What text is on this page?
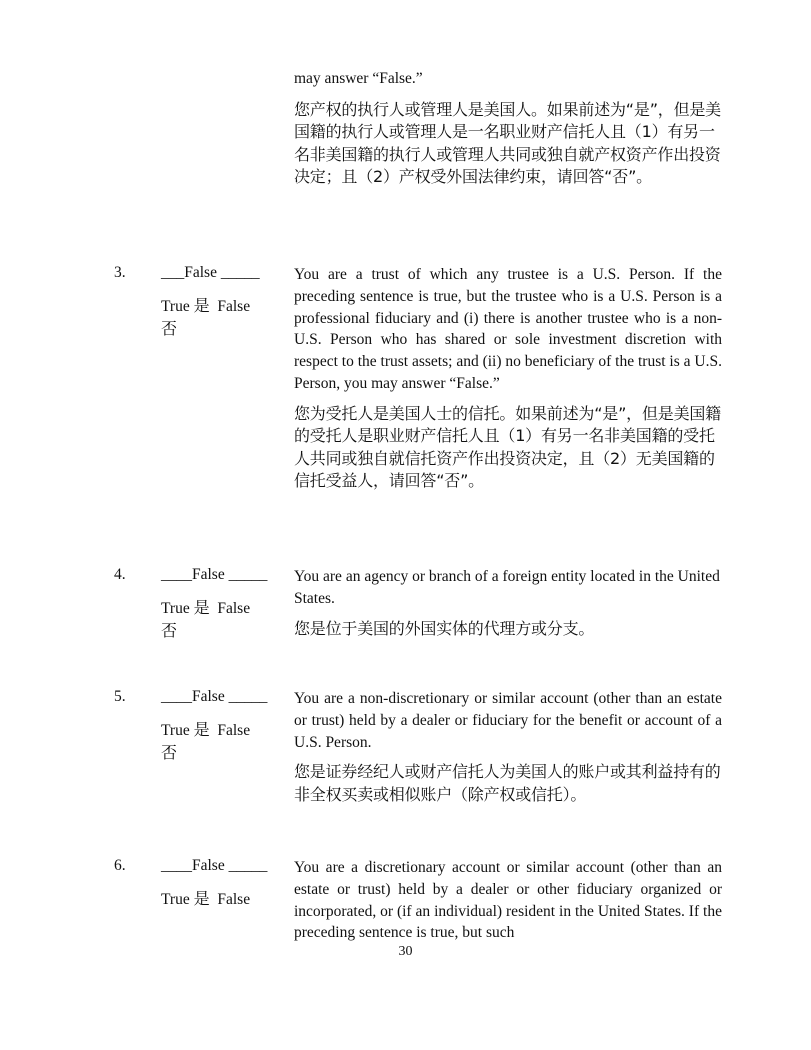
may answer “False.”
您产权的执行人或管理人是美国人。如果前述为“是”，但是美国籍的执行人或管理人是一名职业财产信托人且（1）有另一名非美国籍的执行人或管理人共同或独自就产权资产作出投资决定；且（2）产权受外国法律约束，请回答“否”。
3. ___False _____
True 是 False
否
You are a trust of which any trustee is a U.S. Person. If the preceding sentence is true, but the trustee who is a U.S. Person is a professional fiduciary and (i) there is another trustee who is a non-U.S. Person who has shared or sole investment discretion with respect to the trust assets; and (ii) no beneficiary of the trust is a U.S. Person, you may answer “False.”
您为受托人是美国人士的信托。如果前述为“是”，但是美国籍的受托人是职业财产信托人且（1）有另一名非美国籍的受托人共同或独自就信托资产作出投资决定，且（2）无美国籍的信托受益人，请回答“否”。
4. ____False _____
True 是 False
否
You are an agency or branch of a foreign entity located in the United States.
您是位于美国的外国实体的代理方或分支。
5. ____False _____
True 是 False
否
You are a non-discretionary or similar account (other than an estate or trust) held by a dealer or fiduciary for the benefit or account of a U.S. Person.
您是证券经纪人或财产信托人为美国人的账户或其利益持有的非全权买卖或相似账户（除产权或信托）。
6. ____False _____
True 是 False
You are a discretionary account or similar account (other than an estate or trust) held by a dealer or other fiduciary organized or incorporated, or (if an individual) resident in the United States. If the preceding sentence is true, but such
30
